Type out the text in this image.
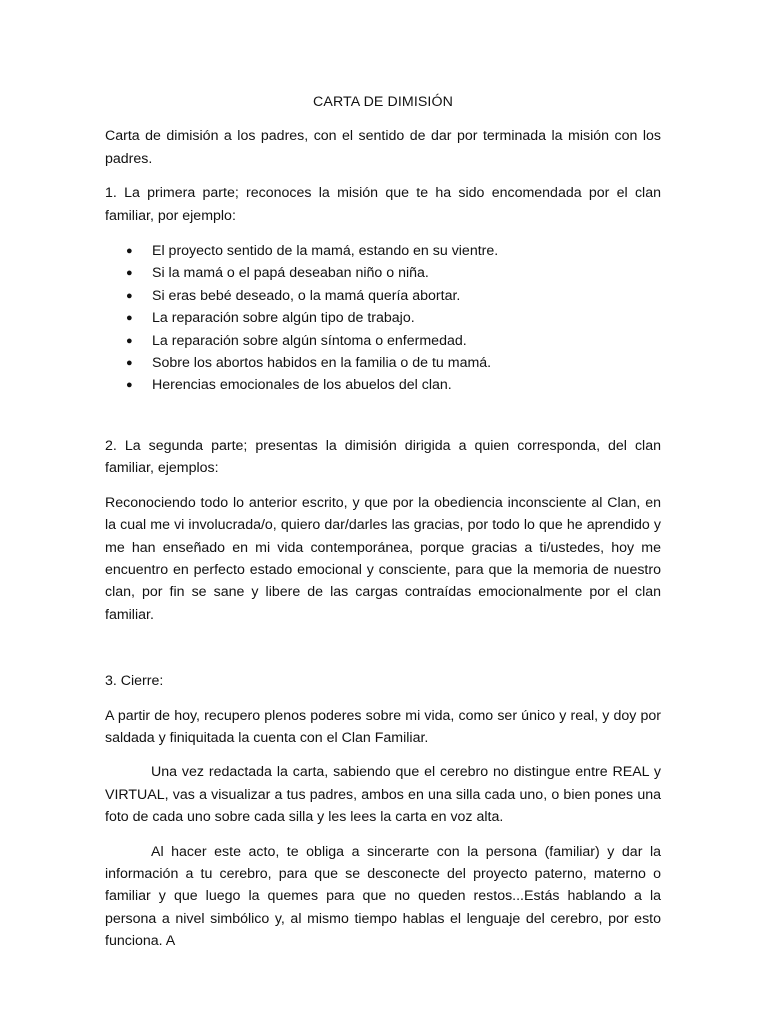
CARTA DE DIMISIÓN

Carta de dimisión a los padres, con el sentido de dar por terminada la misión con los padres.

1. La primera parte; reconoces la misión que te ha sido encomendada por el clan familiar, por ejemplo:

● El proyecto sentido de la mamá, estando en su vientre.
● Si la mamá o el papá deseaban niño o niña.
● Si eras bebé deseado, o la mamá quería abortar.
● La reparación sobre algún tipo de trabajo.
● La reparación sobre algún síntoma o enfermedad.
● Sobre los abortos habidos en la familia o de tu mamá.
● Herencias emocionales de los abuelos del clan.

2. La segunda parte; presentas la dimisión dirigida a quien corresponda, del clan familiar, ejemplos:

Reconociendo todo lo anterior escrito, y que por la obediencia inconsciente al Clan, en la cual me vi involucrada/o, quiero dar/darles las gracias, por todo lo que he aprendido y me han enseñado en mi vida contemporánea, porque gracias a ti/ustedes, hoy me encuentro en perfecto estado emocional y consciente, para que la memoria de nuestro clan, por fin se sane y libere de las cargas contraídas emocionalmente por el clan familiar.

3. Cierre:

A partir de hoy, recupero plenos poderes sobre mi vida, como ser único y real, y doy por saldada y finiquitada la cuenta con el Clan Familiar.

Una vez redactada la carta, sabiendo que el cerebro no distingue entre REAL y VIRTUAL, vas a visualizar a tus padres, ambos en una silla cada uno, o bien pones una foto de cada uno sobre cada silla y les lees la carta en voz alta.

Al hacer este acto, te obliga a sincerarte con la persona (familiar) y dar la información a tu cerebro, para que se desconecte del proyecto paterno, materno o familiar y que luego la quemes para que no queden restos...Estás hablando a la persona a nivel simbólico y, al mismo tiempo hablas el lenguaje del cerebro, por esto funciona. A
